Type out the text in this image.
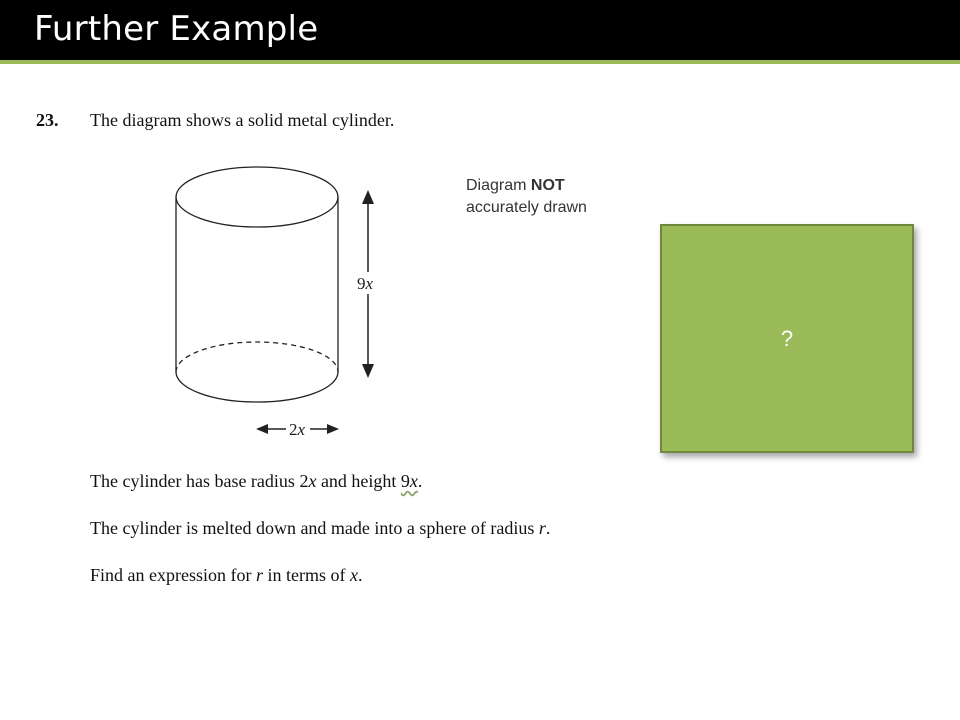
Further Example
23. The diagram shows a solid metal cylinder.
9x
2x
Diagram NOT
accurately drawn
?
The cylinder has base radius 2x and height 9x.
The cylinder is melted down and made into a sphere of radius r.
Find an expression for r in terms of x.
